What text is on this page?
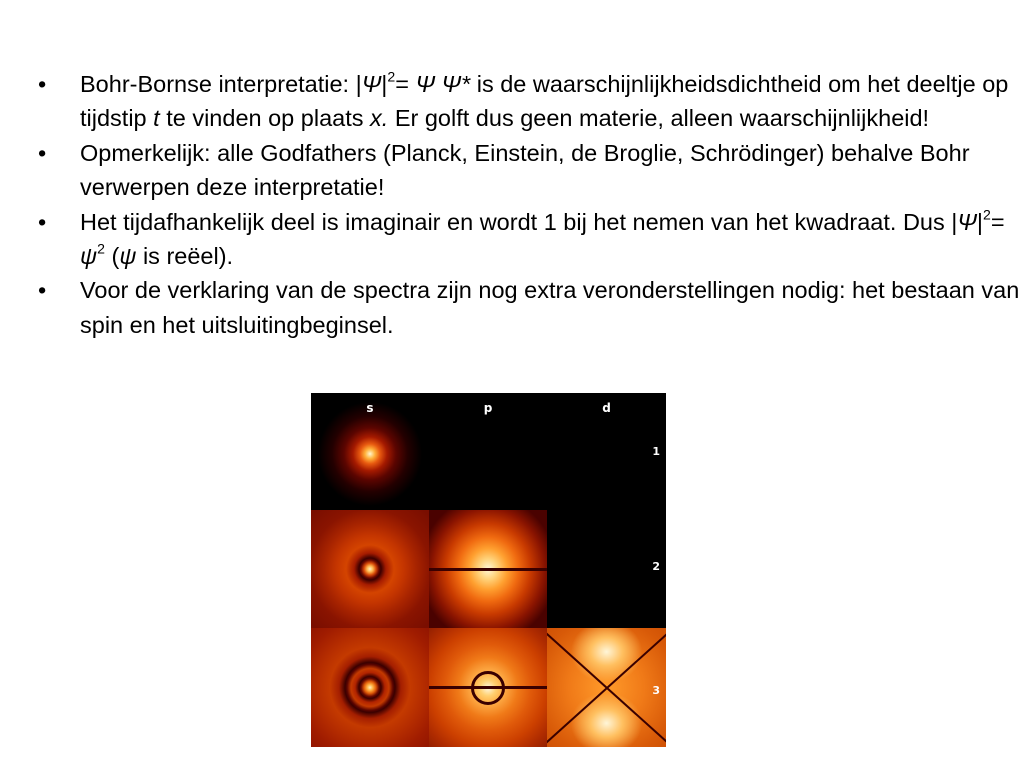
• Bohr-Bornse interpretatie: $|\Psi|^2= \Psi$ Ψ* is de waarschijnlijkheidsdichtheid om het deeltje op tijdstip t te vinden op plaats x. Er golft dus geen materie, alleen waarschijnlijkheid!
• Opmerkelijk: alle Godfathers (Planck, Einstein, de Broglie, Schrödinger) behalve Bohr verwerpen deze interpretatie!
• Het tijdafhankelijk deel is imaginair en wordt 1 bij het nemen van het kwadraat. Dus $|\Psi|^2= \psi^2$ (ψ is reëel).
• Voor de verklaring van de spectra zijn nog extra veronderstellingen nodig: het bestaan van spin en het uitsluitingbeginsel.
s	p	d
1
2
3
